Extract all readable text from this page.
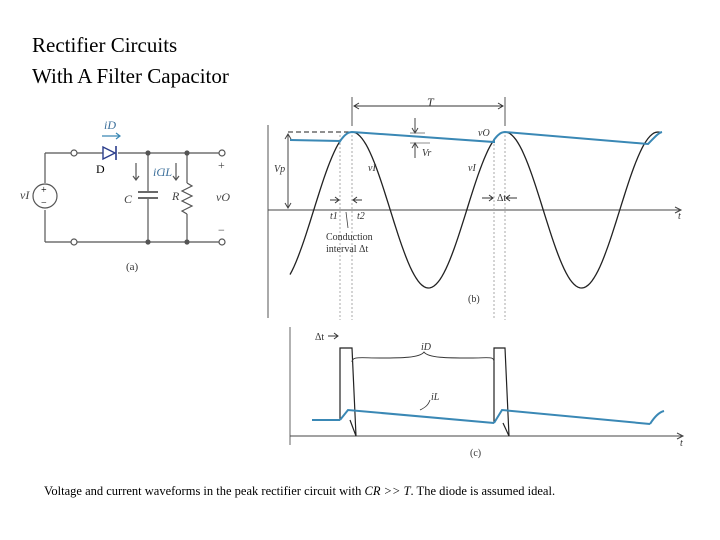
Rectifier Circuits
With A Filter Capacitor
iD
D	iC
iL
C	R
vI	vO
+
−
+
−
(a)
T
vO
vI	vI
Vr
Vp
Δt
t1 t2	t
Conduction
interval Δt
(b)
Δt
iD
iL
t
(c)
Voltage and current waveforms in the peak rectifier circuit with CR >> T. The diode is assumed ideal.
